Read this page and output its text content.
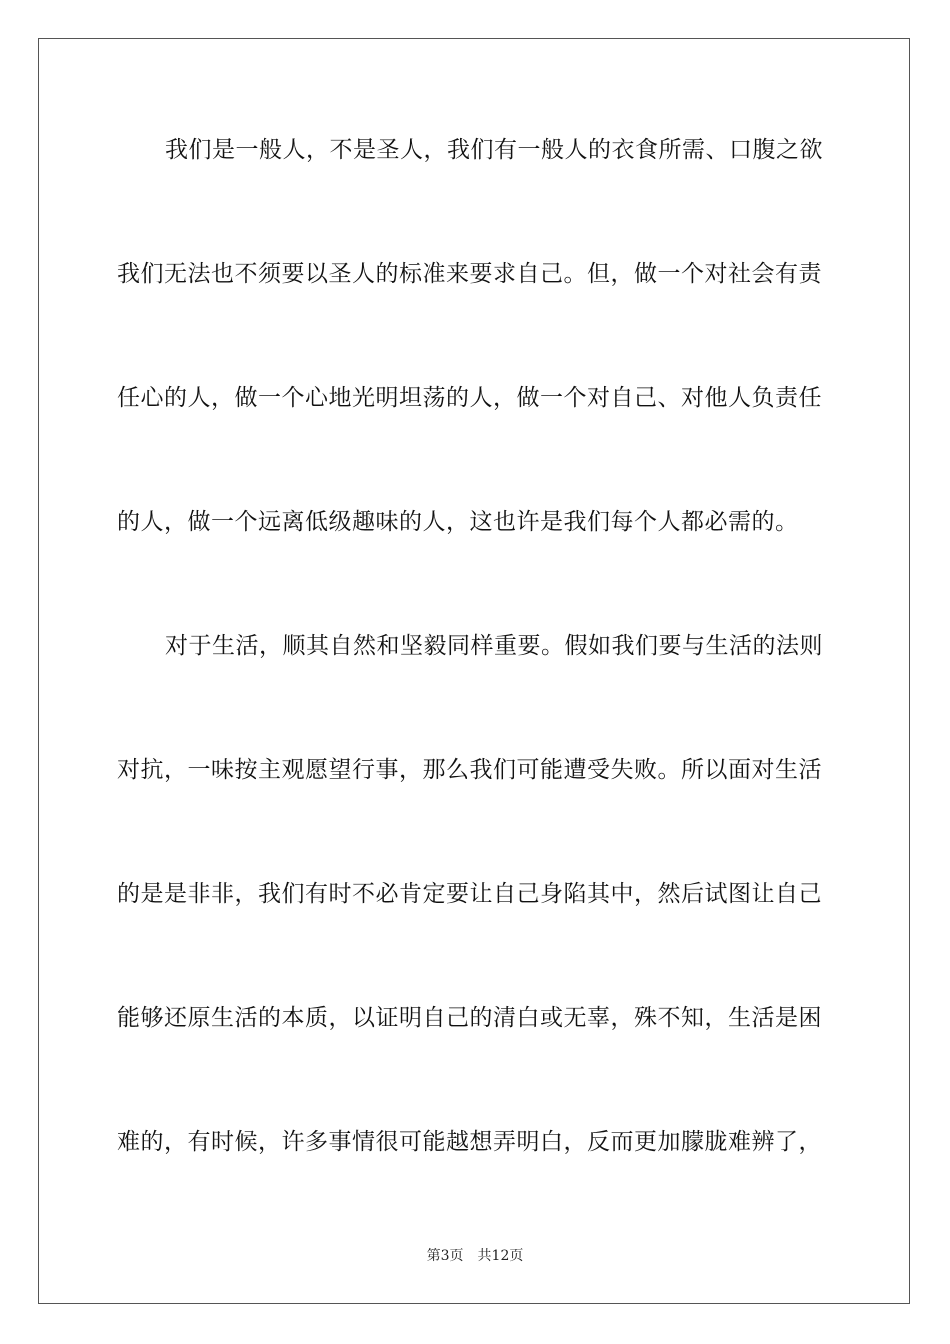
我们是一般人，不是圣人，我们有一般人的衣食所需、口腹之欲
我们无法也不须要以圣人的标准来要求自己。但，做一个对社会有责
任心的人，做一个心地光明坦荡的人，做一个对自己、对他人负责任
的人，做一个远离低级趣味的人，这也许是我们每个人都必需的。
对于生活，顺其自然和坚毅同样重要。假如我们要与生活的法则
对抗，一味按主观愿望行事，那么我们可能遭受失败。所以面对生活
的是是非非，我们有时不必肯定要让自己身陷其中，然后试图让自己
能够还原生活的本质，以证明自己的清白或无辜，殊不知，生活是困
难的，有时候，许多事情很可能越想弄明白，反而更加朦胧难辨了，
第3页 共12页
